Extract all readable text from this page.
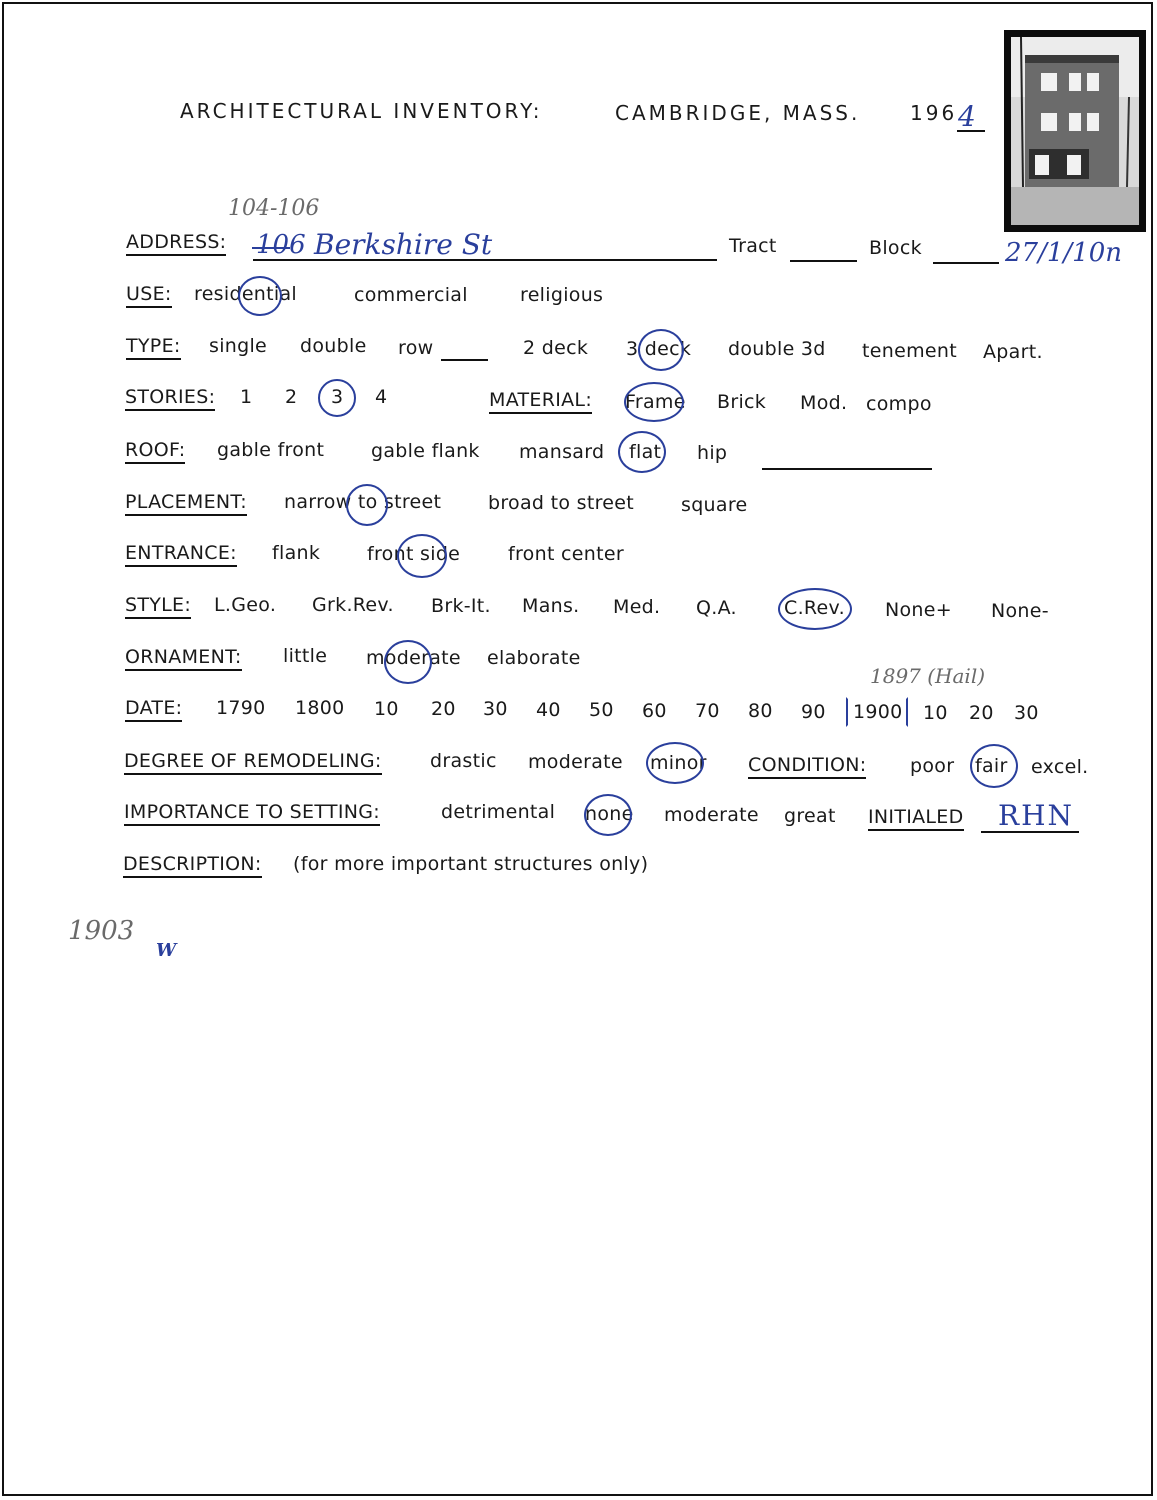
ARCHITECTURAL INVENTORY:	CAMBRIDGE, MASS. 196 4
104-106
ADDRESS: 106 Berkshire St	Tract	Block	27/1/10n
USE: residential	commercial	religious
TYPE: single double row	2 deck 3 deck double 3d tenement Apart.
STORIES: 1 2 3 4	MATERIAL: Frame Brick Mod. compo
ROOF: gable front gable flank mansard flat hip
PLACEMENT: narrow to street broad to street square
ENTRANCE: flank front side	front center
STYLE: L.Geo. Grk.Rev. Brk-It. Mans. Med. Q.A. C.Rev. None+ None-
ORNAMENT: little moderate elaborate
1897 (Hail)
DATE: 1790 1800 10 20 30 40 50 60 70 80 90 1900 10 20 30
DEGREE OF REMODELING:	drastic moderate minor CONDITION: poor fair excel.
IMPORTANCE TO SETTING:	detrimental none moderate great INITIALED RHN
DESCRIPTION: (for more important structures only)
1903
W
